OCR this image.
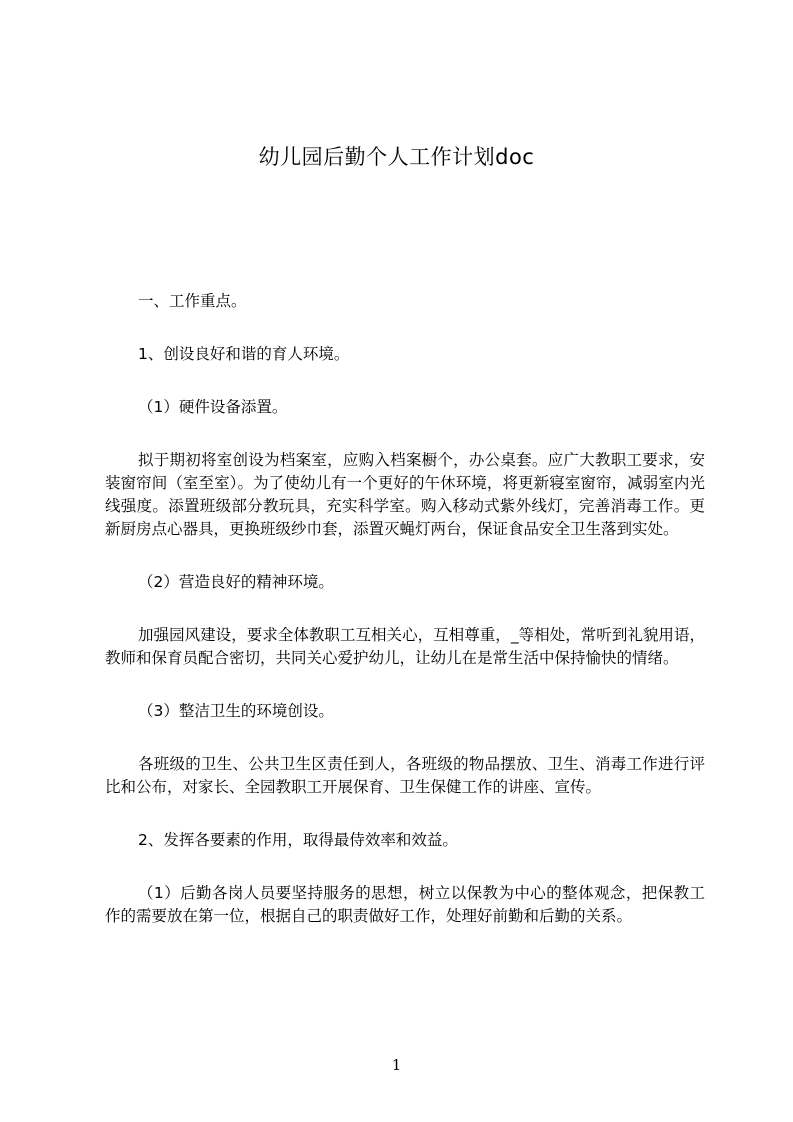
幼儿园后勤个人工作计划doc

一、工作重点。

1、创设良好和谐的育人环境。

（1）硬件设备添置。

拟于期初将室创设为档案室，应购入档案橱个，办公桌套。应广大教职工要求，安装窗帘间（室至室）。为了使幼儿有一个更好的午休环境，将更新寝室窗帘，减弱室内光线强度。添置班级部分教玩具，充实科学室。购入移动式紫外线灯，完善消毒工作。更新厨房点心器具，更换班级纱巾套，添置灭蝇灯两台，保证食品安全卫生落到实处。

（2）营造良好的精神环境。

加强园风建设，要求全体教职工互相关心，互相尊重，_等相处，常听到礼貌用语，教师和保育员配合密切，共同关心爱护幼儿，让幼儿在是常生活中保持愉快的情绪。

（3）整洁卫生的环境创设。

各班级的卫生、公共卫生区责任到人，各班级的物品摆放、卫生、消毒工作进行评比和公布，对家长、全园教职工开展保育、卫生保健工作的讲座、宣传。

2、发挥各要素的作用，取得最侍效率和效益。

（1）后勤各岗人员要坚持服务的思想，树立以保教为中心的整体观念，把保教工作的需要放在第一位，根据自己的职责做好工作，处理好前勤和后勤的关系。

1
